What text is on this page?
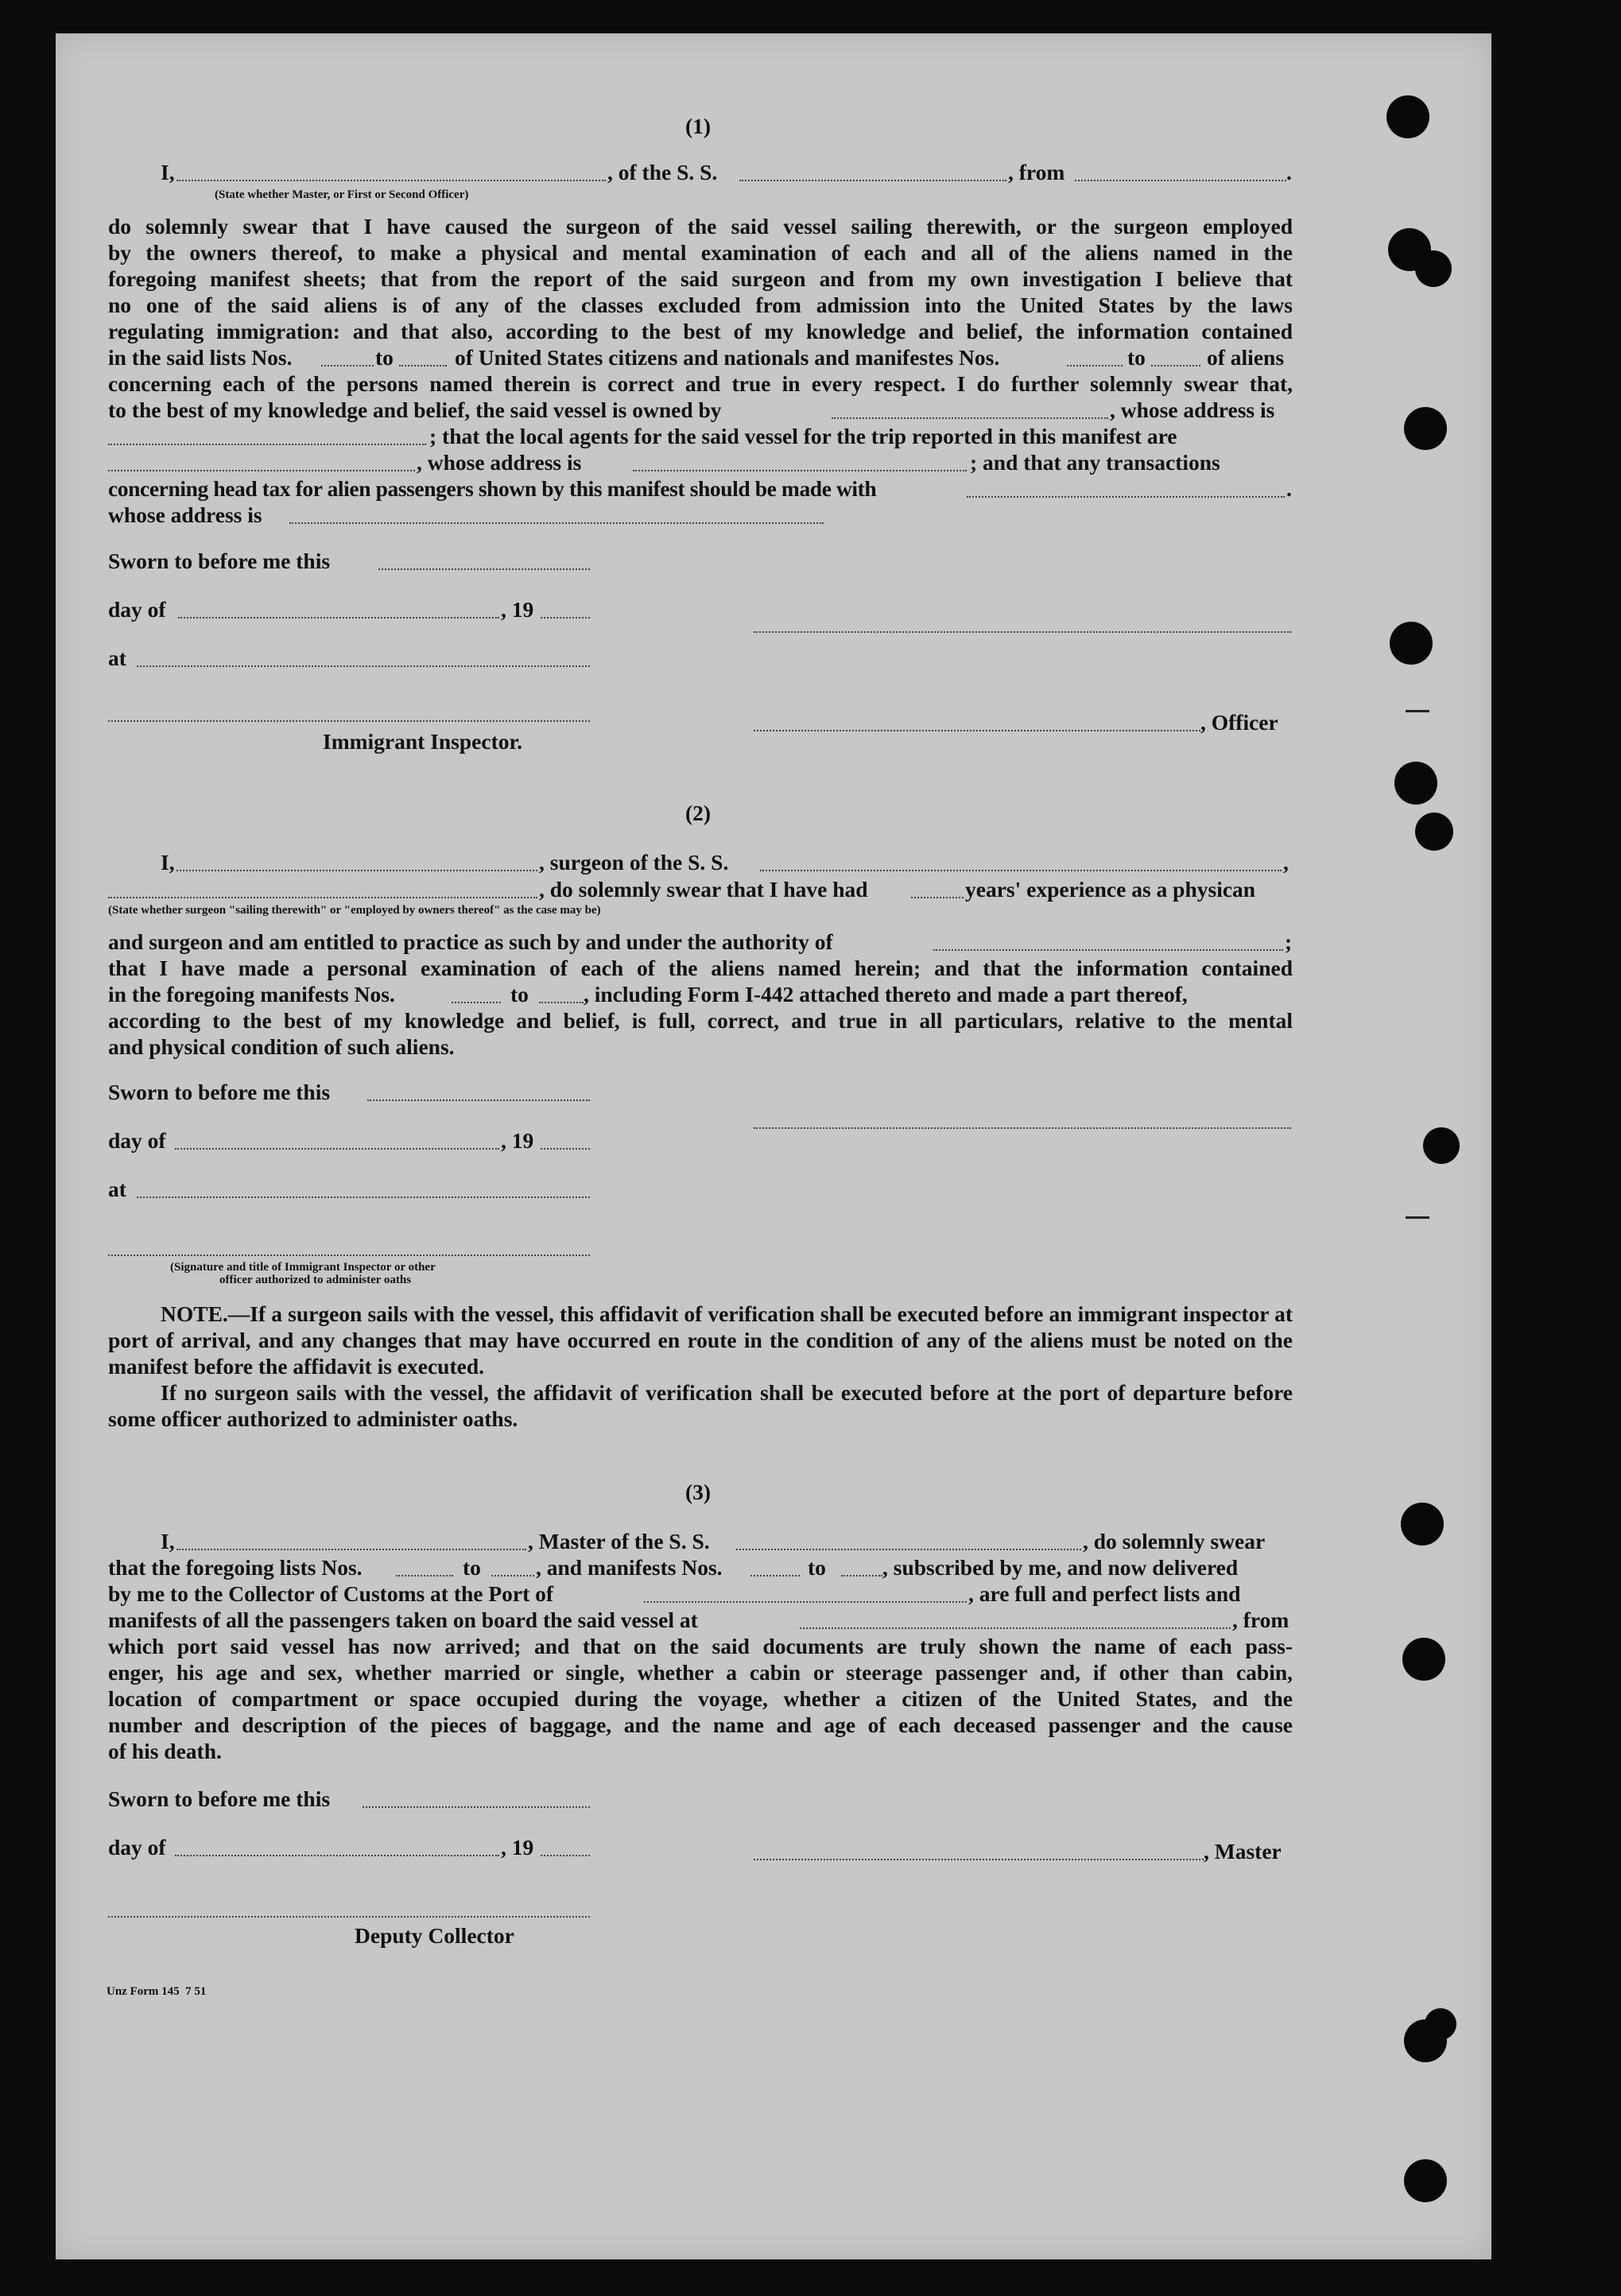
(1)
I,	, of the S. S.	, from	.
(State whether Master, or First or Second Officer)
do solemnly swear that I have caused the surgeon of the said vessel sailing therewith, or the surgeon employed
by the owners thereof, to make a physical and mental examination of each and all of the aliens named in the
foregoing manifest sheets; that from the report of the said surgeon and from my own investigation I believe that
no one of the said aliens is of any of the classes excluded from admission into the United States by the laws
regulating immigration: and that also, according to the best of my knowledge and belief, the information contained
in the said lists Nos.	to	of United States citizens and nationals and manifestes Nos.	to	of aliens
concerning each of the persons named therein is correct and true in every respect. I do further solemnly swear that,
to the best of my knowledge and belief, the said vessel is owned by	, whose address is
; that the local agents for the said vessel for the trip reported in this manifest are
, whose address is	; and that any transactions
concerning head tax for alien passengers shown by this manifest should be made with	.
whose address is
Sworn to before me this
day of	, 19
at
, Officer
Immigrant Inspector.
(2)
I,	, surgeon of the S. S.	,
, do solemnly swear that I have had	years' experience as a physican
(State whether surgeon "sailing therewith" or "employed by owners thereof" as the case may be)
and surgeon and am entitled to practice as such by and under the authority of	;
that I have made a personal examination of each of the aliens named herein; and that the information contained
in the foregoing manifests Nos.	to	, including Form I-442 attached thereto and made a part thereof,
according to the best of my knowledge and belief, is full, correct, and true in all particulars, relative to the mental
and physical condition of such aliens.
Sworn to before me this
day of	, 19
at
(Signature and title of Immigrant Inspector or other
officer authorized to administer oaths
NOTE.—If a surgeon sails with the vessel, this affidavit of verification shall be executed before an immigrant inspector at port of arrival, and any changes that may have occurred en route in the condition of any of the aliens must be noted on the manifest before the affidavit is executed.
If no surgeon sails with the vessel, the affidavit of verification shall be executed before at the port of departure before some officer authorized to administer oaths.
(3)
I,	, Master of the S. S.	, do solemnly swear
that the foregoing lists Nos.	to	, and manifests Nos.	to	, subscribed by me, and now delivered
by me to the Collector of Customs at the Port of	, are full and perfect lists and
manifests of all the passengers taken on board the said vessel at	, from
which port said vessel has now arrived; and that on the said documents are truly shown the name of each pass-
enger, his age and sex, whether married or single, whether a cabin or steerage passenger and, if other than cabin,
location of compartment or space occupied during the voyage, whether a citizen of the United States, and the
number and description of the pieces of baggage, and the name and age of each deceased passenger and the cause
of his death.
Sworn to before me this
day of	, 19	, Master
Deputy Collector
Unz Form 145  7 51
